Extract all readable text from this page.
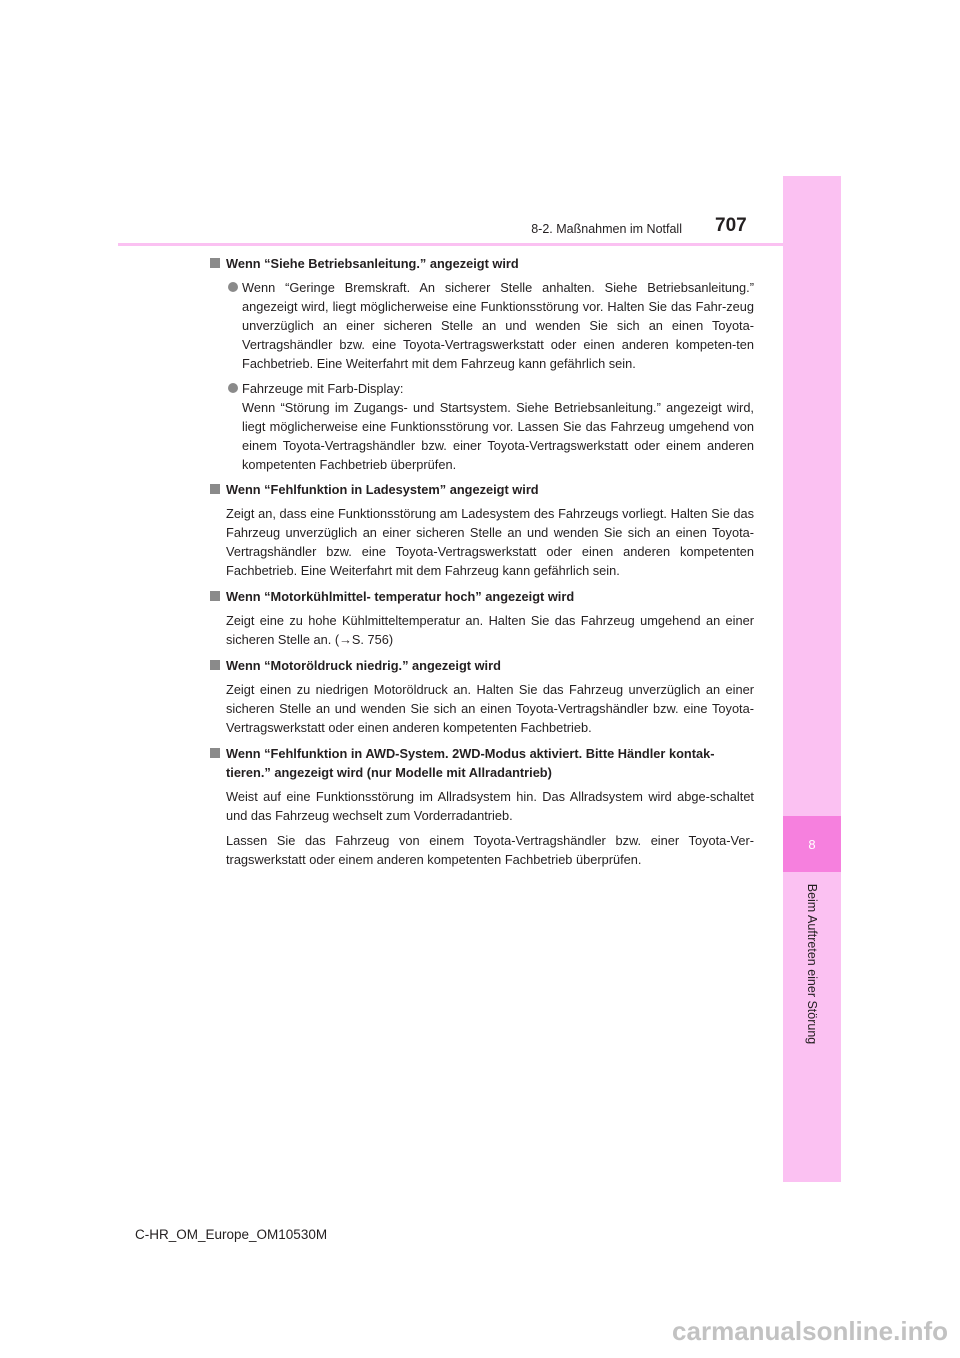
8
Beim Auftreten einer Störung
8-2. Maßnahmen im Notfall 707
Wenn “Siehe Betriebsanleitung.” angezeigt wird
Wenn “Geringe Bremskraft. An sicherer Stelle anhalten. Siehe Betriebsanleitung.” angezeigt wird, liegt möglicherweise eine Funktionsstörung vor. Halten Sie das Fahr-zeug unverzüglich an einer sicheren Stelle an und wenden Sie sich an einen Toyota-Vertragshändler bzw. eine Toyota-Vertragswerkstatt oder einen anderen kompeten-ten Fachbetrieb. Eine Weiterfahrt mit dem Fahrzeug kann gefährlich sein.
Fahrzeuge mit Farb-Display:
Wenn “Störung im Zugangs- und Startsystem. Siehe Betriebsanleitung.” angezeigt wird, liegt möglicherweise eine Funktionsstörung vor. Lassen Sie das Fahrzeug umgehend von einem Toyota-Vertragshändler bzw. einer Toyota-Vertragswerkstatt oder einem anderen kompetenten Fachbetrieb überprüfen.
Wenn “Fehlfunktion in Ladesystem” angezeigt wird
Zeigt an, dass eine Funktionsstörung am Ladesystem des Fahrzeugs vorliegt. Halten Sie das Fahrzeug unverzüglich an einer sicheren Stelle an und wenden Sie sich an einen Toyota-Vertragshändler bzw. eine Toyota-Vertragswerkstatt oder einen anderen kompetenten Fachbetrieb. Eine Weiterfahrt mit dem Fahrzeug kann gefährlich sein.
Wenn “Motorkühlmittel- temperatur hoch” angezeigt wird
Zeigt eine zu hohe Kühlmitteltemperatur an. Halten Sie das Fahrzeug umgehend an einer sicheren Stelle an. (→S. 756)
Wenn “Motoröldruck niedrig.” angezeigt wird
Zeigt einen zu niedrigen Motoröldruck an. Halten Sie das Fahrzeug unverzüglich an einer sicheren Stelle an und wenden Sie sich an einen Toyota-Vertragshändler bzw. eine Toyota-Vertragswerkstatt oder einen anderen kompetenten Fachbetrieb.
Wenn “Fehlfunktion in AWD-System. 2WD-Modus aktiviert. Bitte Händler kontak-tieren.” angezeigt wird (nur Modelle mit Allradantrieb)
Weist auf eine Funktionsstörung im Allradsystem hin. Das Allradsystem wird abge-schaltet und das Fahrzeug wechselt zum Vorderradantrieb.
Lassen Sie das Fahrzeug von einem Toyota-Vertragshändler bzw. einer Toyota-Ver-tragswerkstatt oder einem anderen kompetenten Fachbetrieb überprüfen.
C-HR_OM_Europe_OM10530M
carmanualsonline.info
